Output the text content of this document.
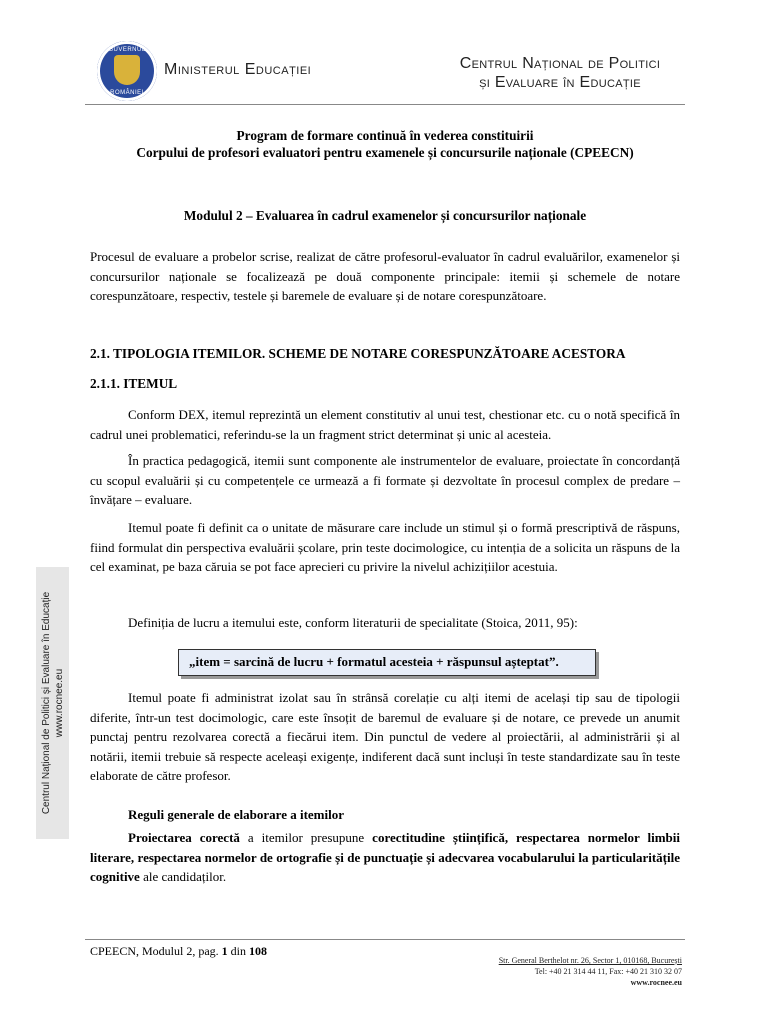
GUVERNUL
ROMÂNIEI
Ministerul Educației	Centrul Național de Politici
și Evaluare în Educație
Centrul Național de Politici și Evaluare în Educație www.rocnee.eu
Program de formare continuă în vederea constituirii
Corpului de profesori evaluatori pentru examenele și concursurile naționale (CPEECN)
Modulul 2 – Evaluarea în cadrul examenelor și concursurilor naționale
Procesul de evaluare a probelor scrise, realizat de către profesorul-evaluator în cadrul evaluărilor, examenelor și concursurilor naționale se focalizează pe două componente principale: itemii și schemele de notare corespunzătoare, respectiv, testele și baremele de evaluare și de notare corespunzătoare.
2.1. TIPOLOGIA ITEMILOR. SCHEME DE NOTARE CORESPUNZĂTOARE ACESTORA
2.1.1. ITEMUL
Conform DEX, itemul reprezintă un element constitutiv al unui test, chestionar etc. cu o notă specifică în cadrul unei problematici, referindu-se la un fragment strict determinat și unic al acesteia.
În practica pedagogică, itemii sunt componente ale instrumentelor de evaluare, proiectate în concordanță cu scopul evaluării și cu competențele ce urmează a fi formate și dezvoltate în procesul complex de predare – învățare – evaluare.
Itemul poate fi definit ca o unitate de măsurare care include un stimul și o formă prescriptivă de răspuns, fiind formulat din perspectiva evaluării școlare, prin teste docimologice, cu intenția de a solicita un răspuns de la cel examinat, pe baza căruia se pot face aprecieri cu privire la nivelul achizițiilor acestuia.
Definiția de lucru a itemului este, conform literaturii de specialitate (Stoica, 2011, 95):
„item = sarcină de lucru + formatul acesteia + răspunsul așteptat”.
Itemul poate fi administrat izolat sau în strânsă corelație cu alți itemi de același tip sau de tipologii diferite, într-un test docimologic, care este însoțit de baremul de evaluare și de notare, ce prevede un anumit punctaj pentru rezolvarea corectă a fiecărui item. Din punctul de vedere al proiectării, al administrării și al notării, itemii trebuie să respecte aceleași exigențe, indiferent dacă sunt incluși în teste standardizate sau în teste elaborate de către profesor.
Reguli generale de elaborare a itemilor
Proiectarea corectă a itemilor presupune corectitudine științifică, respectarea normelor limbii literare, respectarea normelor de ortografie și de punctuație și adecvarea vocabularului la particularitățile cognitive ale candidaților.
CPEECN, Modulul 2, pag. 1 din 108
Str. General Berthelot nr. 26, Sector 1, 010168, București
Tel: +40 21 314 44 11, Fax: +40 21 310 32 07
www.rocnee.eu
